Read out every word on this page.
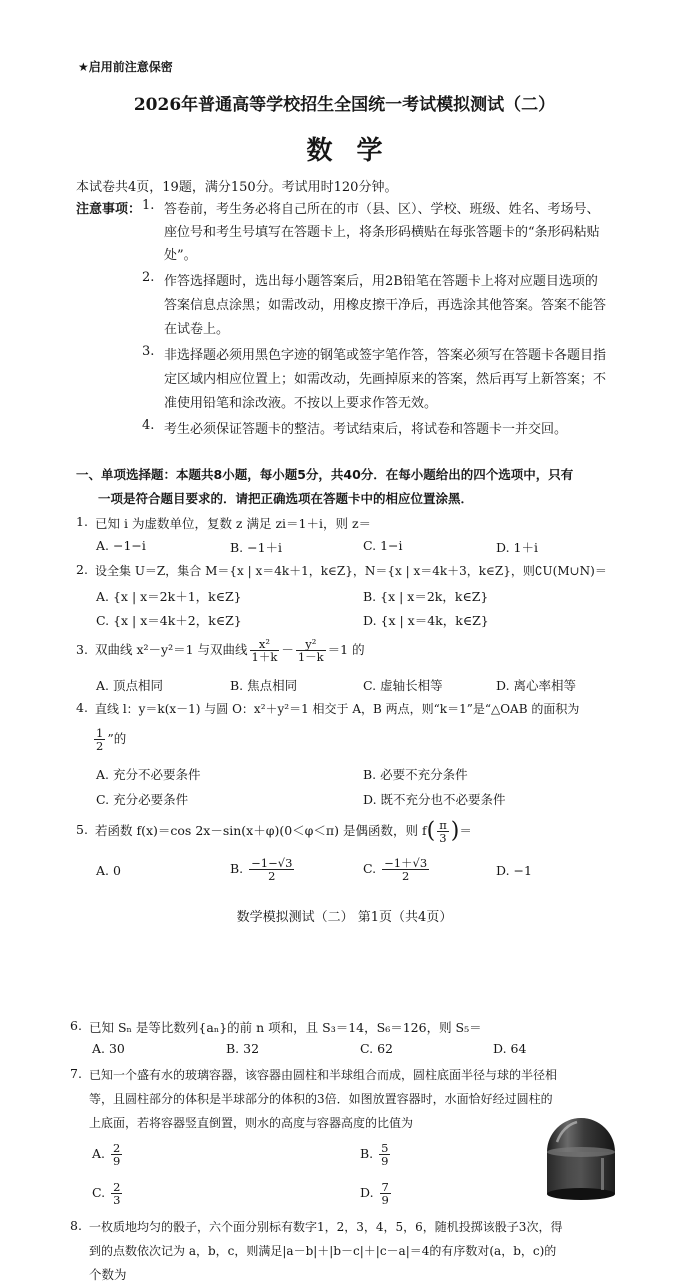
★启用前注意保密
2026年普通高等学校招生全国统一考试模拟测试（二）
数学
本试卷共4页，19题，满分150分。考试用时120分钟。
注意事项： 1. 答卷前，考生务必将自己所在的市（县、区）、学校、班级、姓名、考场号、
座位号和考生号填写在答题卡上，将条形码横贴在每张答题卡的“条形码粘贴
处”。
2. 作答选择题时，选出每小题答案后，用2B铅笔在答题卡上将对应题目选项的
答案信息点涂黑；如需改动，用橡皮擦干净后，再选涂其他答案。答案不能答
在试卷上。
3. 非选择题必须用黑色字迹的钢笔或签字笔作答，答案必须写在答题卡各题目指
定区域内相应位置上；如需改动，先画掉原来的答案，然后再写上新答案；不
准使用铅笔和涂改液。不按以上要求作答无效。
4. 考生必须保证答题卡的整洁。考试结束后，将试卷和答题卡一并交回。
一、单项选择题：本题共8小题，每小题5分，共40分．在每小题给出的四个选项中，只有
一项是符合题目要求的．请把正确选项在答题卡中的相应位置涂黑．
1. 已知 i 为虚数单位，复数 z 满足 zi＝1＋i，则 z＝
A. −1−i	B. −1＋i	C. 1−i	D. 1＋i
2. 设全集 U＝Z，集合 M＝{x | x＝4k＋1，k∈Z}，N＝{x | x＝4k＋3，k∈Z}，则∁U(M∪N)＝
A. {x | x＝2k＋1，k∈Z}	B. {x | x＝2k，k∈Z}
C. {x | x＝4k＋2，k∈Z}	D. {x | x＝4k，k∈Z}
3. 双曲线 x²－y²＝1 与双曲线 $\frac{\text{x²}}{1+k} - \frac{\text{y²}}{1-k} =1$ 的
A. 顶点相同	B. 焦点相同	C. 虚轴长相等	D. 离心率相等
4. 直线 l：y＝k(x－1) 与圆 O：x²＋y²＝1 相交于 A，B 两点，则“k＝1”是“△OAB 的面积为
$\frac{1}{2}$ ”的
A. 充分不必要条件	B. 必要不充分条件
C. 充分必要条件	D. 既不充分也不必要条件
5. 若函数 f(x)＝cos 2x－sin(x＋φ)(0＜φ＜π) 是偶函数，则 $f( \frac{\pi}{3}$ )＝
A. 0	B. $\frac{-1-√3}{2}$	C. $\frac{-1+√3}{2}$	D. −1
数学模拟测试（二） 第1页（共4页）
6. 已知 Sₙ 是等比数列{aₙ}的前 n 项和，且 S₃＝14，S₆＝126，则 S₅＝
A. 30	B. 32	C. 62	D. 64
7. 已知一个盛有水的玻璃容器，该容器由圆柱和半球组合而成，圆柱底面半径与球的半径相
等，且圆柱部分的体积是半球部分的体积的3倍．如图放置容器时，水面恰好经过圆柱的
上底面，若将容器竖直倒置，则水的高度与容器高度的比值为
A. $\frac{2}{9}$	B. $\frac{5}{9}$
C. $\frac{2}{3}$	D. $\frac{7}{9}$
8. 一枚质地均匀的骰子，六个面分别标有数字1，2，3，4，5，6，随机投掷该骰子3次，得
到的点数依次记为 a，b，c，则满足|a－b|＋|b－c|＋|c－a|＝4的有序数对(a，b，c)的
个数为
